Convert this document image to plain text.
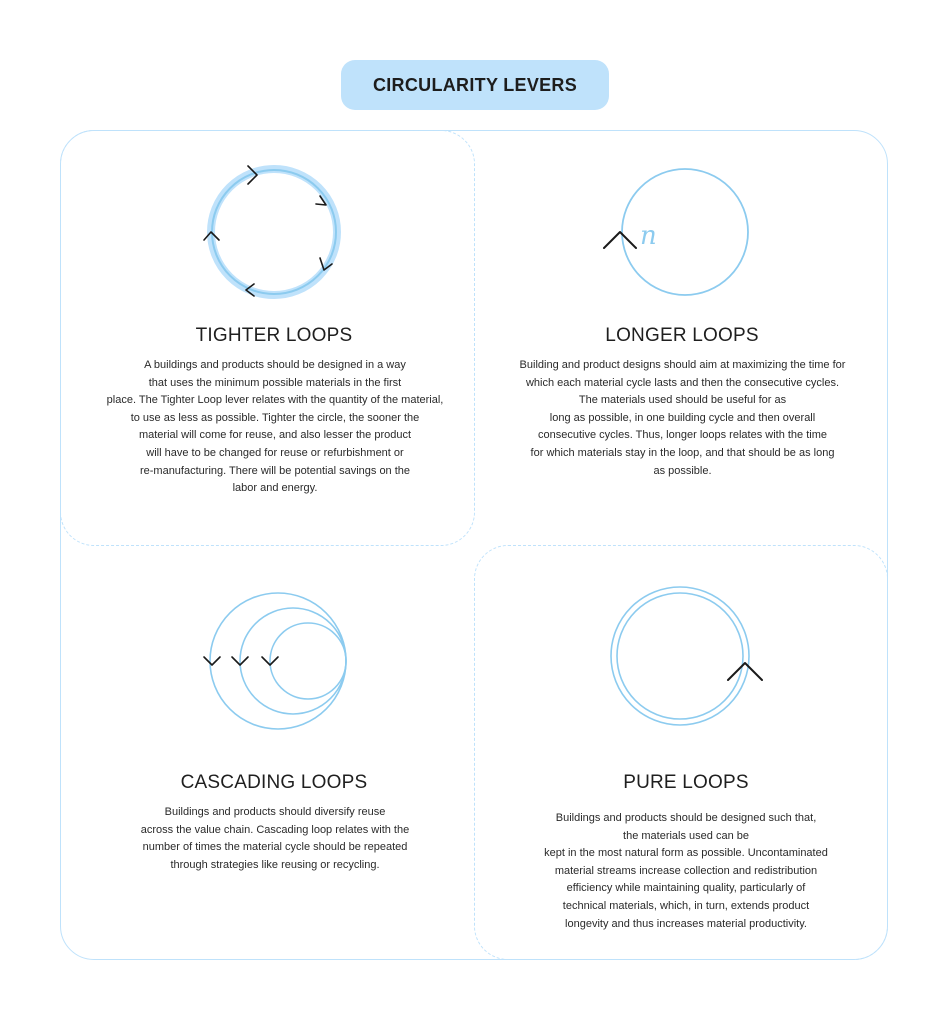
CIRCULARITY LEVERS
TIGHTER LOOPS
A buildings and products should be designed in a way
that uses the minimum possible materials in the first
place. The Tighter Loop lever relates with the quantity of the material,
to use as less as possible. Tighter the circle, the sooner the
material will come for reuse, and also lesser the product
will have to be changed for reuse or refurbishment or
re-manufacturing. There will be potential savings on the
labor and energy.
n
LONGER LOOPS
Building and product designs should aim at maximizing the time for
which each material cycle lasts and then the consecutive cycles.
The materials used should be useful for as
long as possible, in one building cycle and then overall
consecutive cycles. Thus, longer loops relates with the time
for which materials stay in the loop, and that should be as long
as possible.
CASCADING LOOPS
Buildings and products should diversify reuse
across the value chain. Cascading loop relates with the
number of times the material cycle should be repeated
through strategies like reusing or recycling.
PURE LOOPS
Buildings and products should be designed such that,
the materials used can be
kept in the most natural form as possible. Uncontaminated
material streams increase collection and redistribution
efficiency while maintaining quality, particularly of
technical materials, which, in turn, extends product
longevity and thus increases material productivity.
